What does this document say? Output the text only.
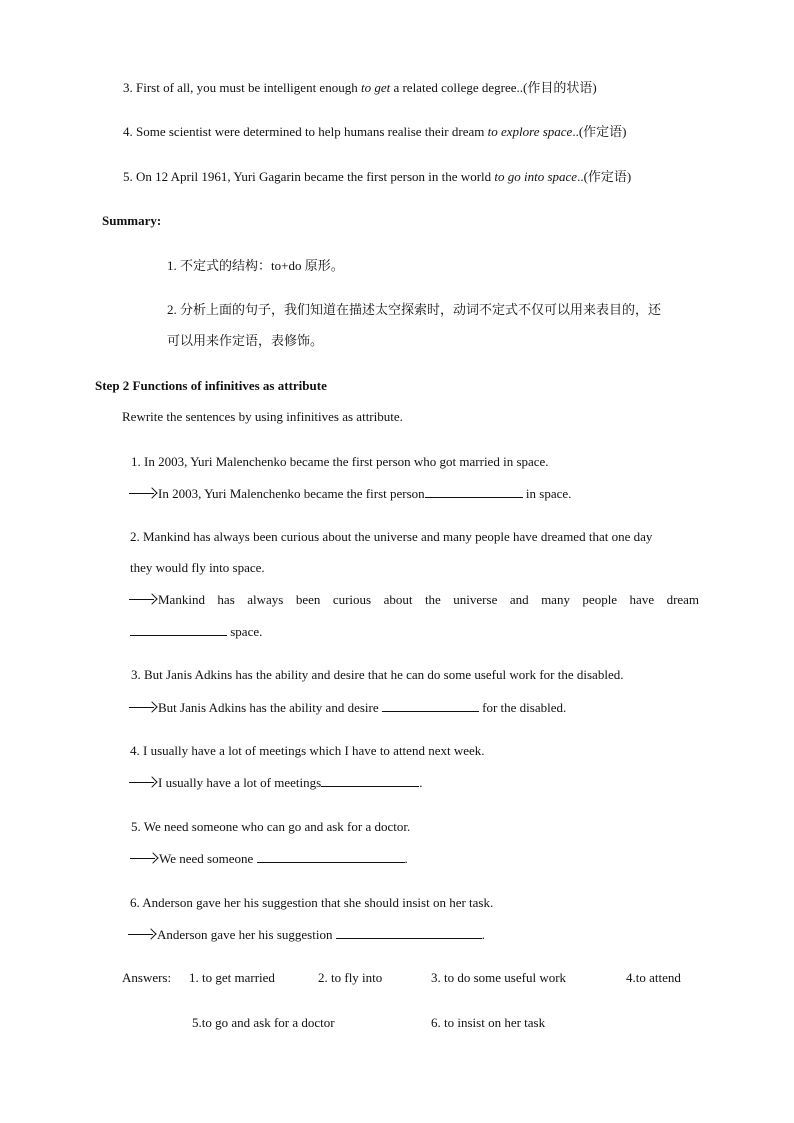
3. First of all, you must be intelligent enough to get a related college degree..(作目的状语)
4. Some scientist were determined to help humans realise their dream to explore space..(作定语)
5. On 12 April 1961, Yuri Gagarin became the first person in the world to go into space..(作定语)
Summary:
1. 不定式的结构：to+do 原形。
2. 分析上面的句子，我们知道在描述太空探索时，动词不定式不仅可以用来表目的，还
可以用来作定语，表修饰。
Step 2 Functions of infinitives as attribute
Rewrite the sentences by using infinitives as attribute.
1. In 2003, Yuri Malenchenko became the first person who got married in space.
In 2003, Yuri Malenchenko became the first person	in space.
2. Mankind has always been curious about the universe and many people have dreamed that one day
they would fly into space.
Mankind has always been curious about the universe and many people have dream
space.
3. But Janis Adkins has the ability and desire that he can do some useful work for the disabled.
But Janis Adkins has the ability and desire	for the disabled.
4. I usually have a lot of meetings which I have to attend next week.
I usually have a lot of meetings	.
5. We need someone who can go and ask for a doctor.
We need someone	.
6. Anderson gave her his suggestion that she should insist on her task.
Anderson gave her his suggestion	.
Answers: 1. to get married	2. to fly into	3. to do some useful work	4.to attend
5.to go and ask for a doctor	6. to insist on her task
